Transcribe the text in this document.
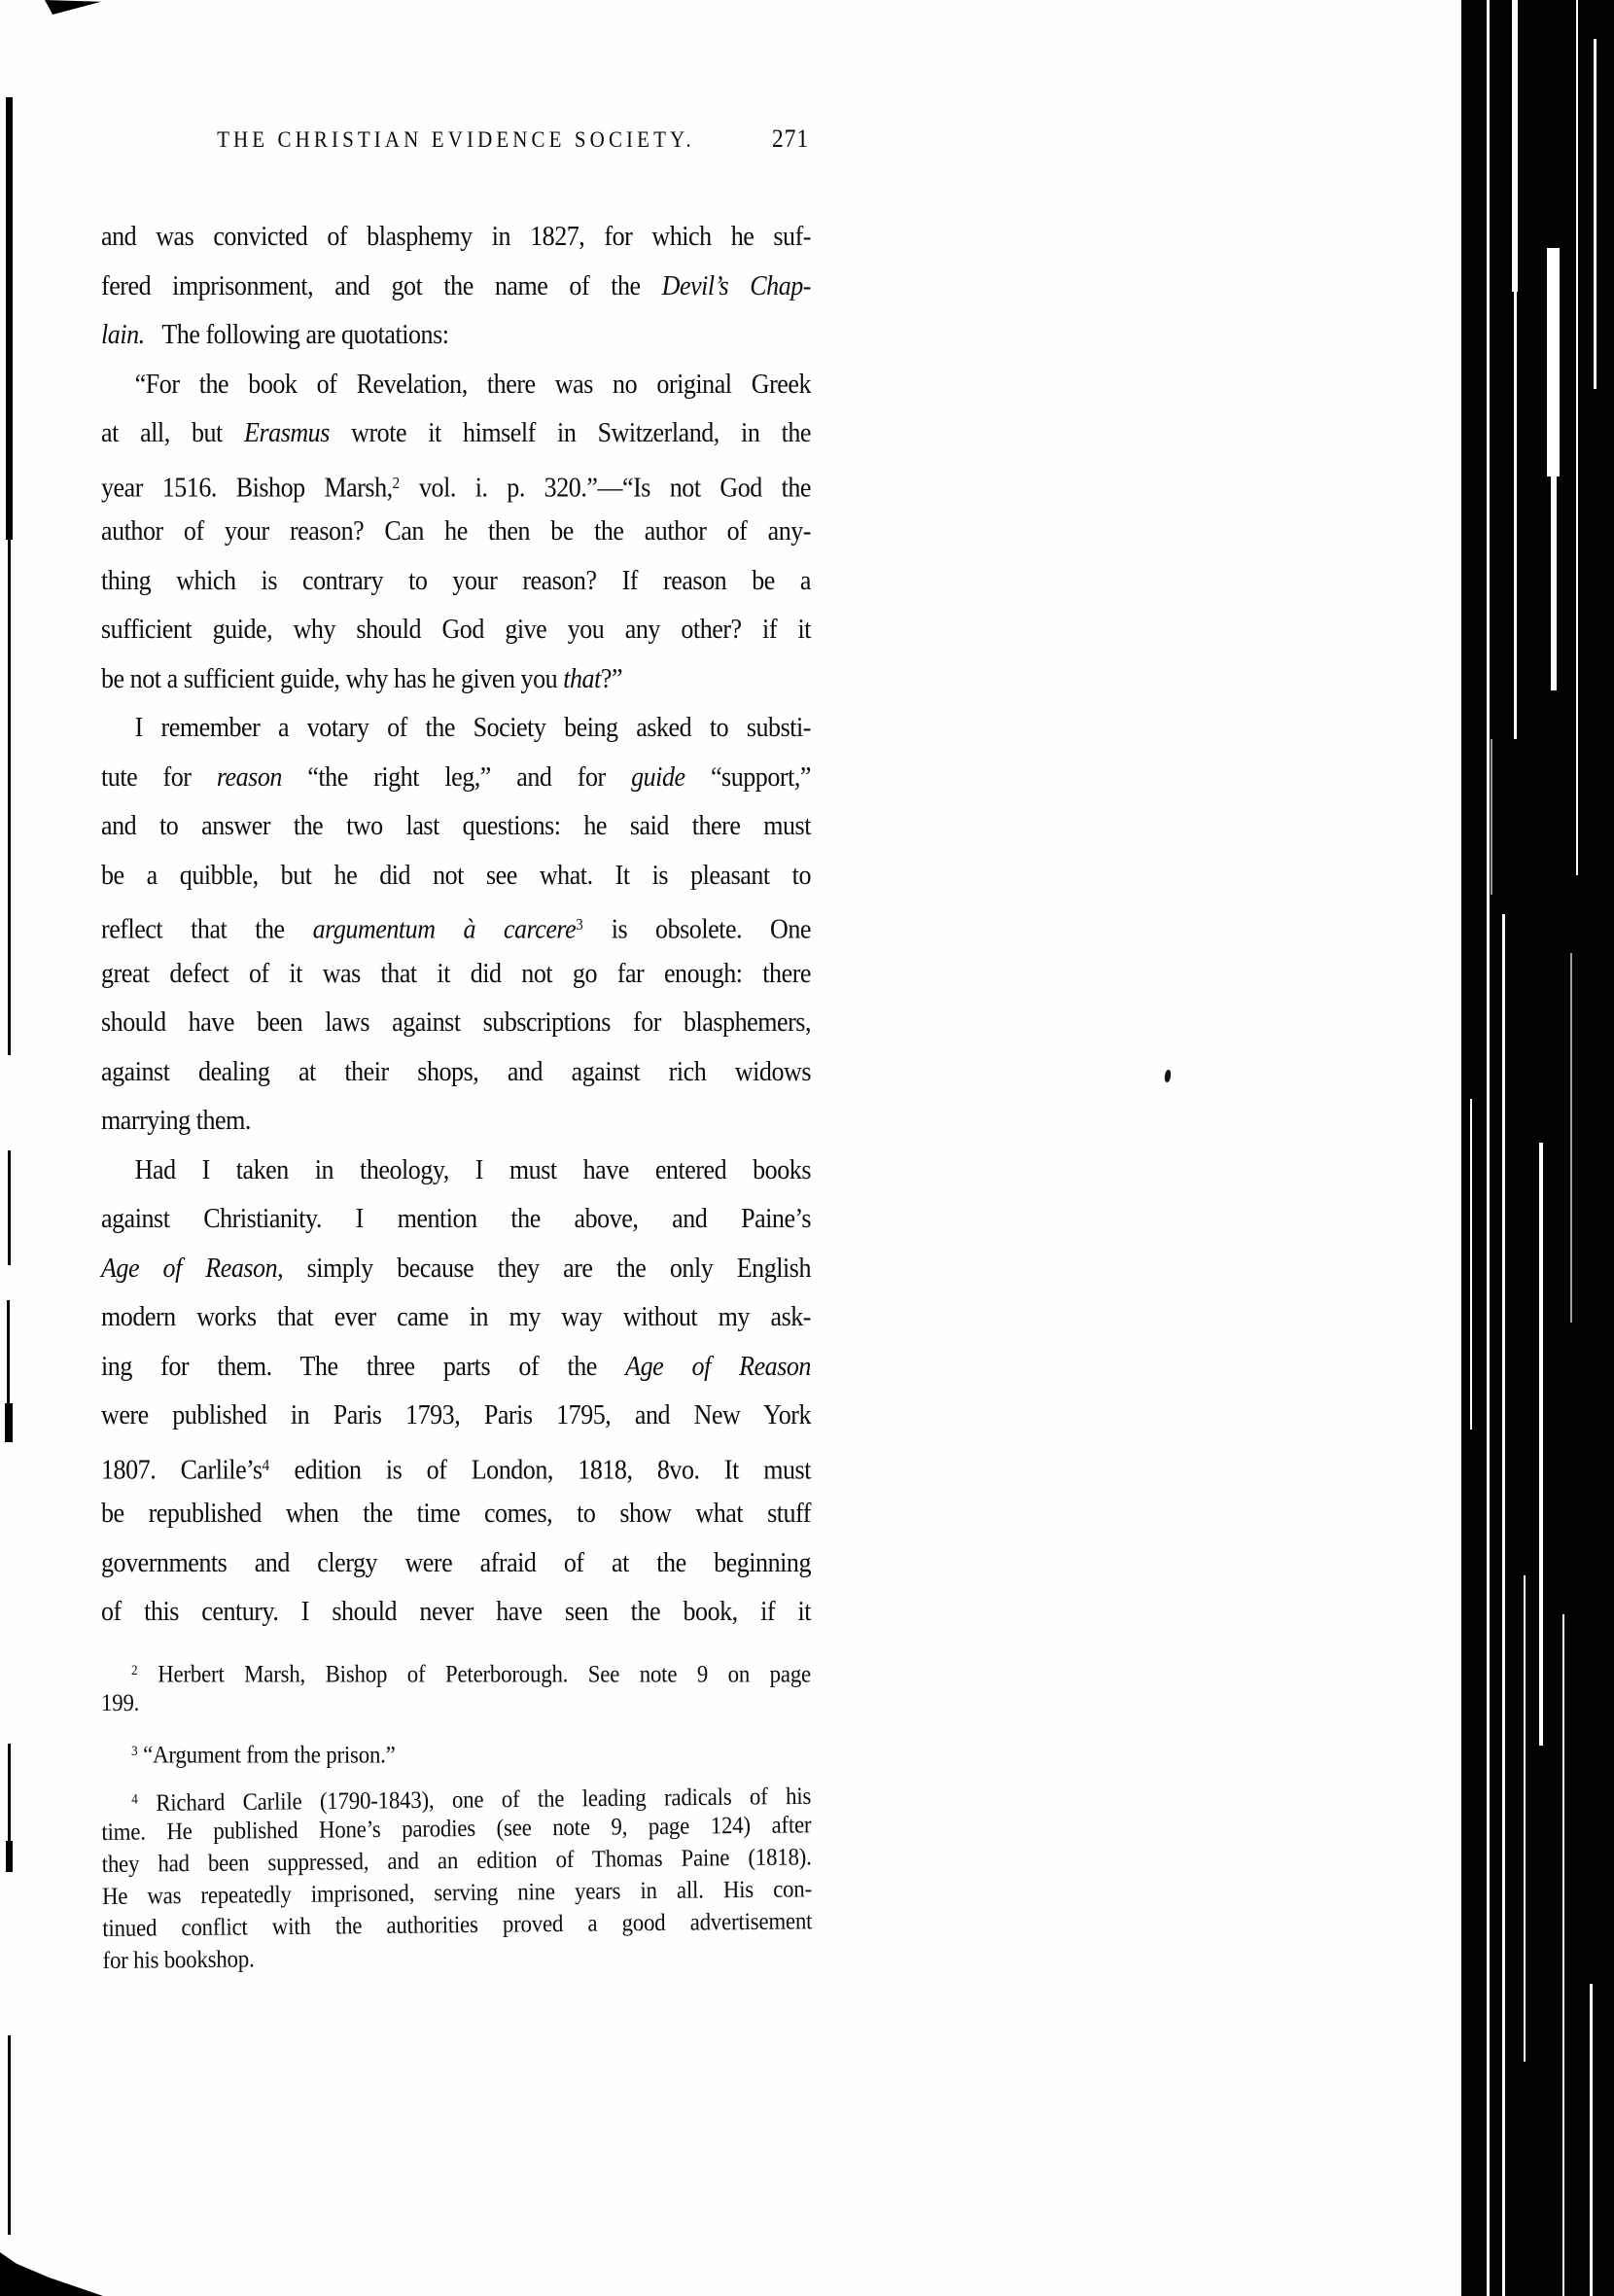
THE CHRISTIAN EVIDENCE SOCIETY.	271
and was convicted of blasphemy in 1827, for which he suf-
fered imprisonment, and got the name of the Devil’s Chap-
lain.   The following are quotations:
“For the book of Revelation, there was no original Greek
at all, but Erasmus wrote it himself in Switzerland, in the
year 1516. Bishop Marsh,$^2$ vol. i. p. 320.”—“Is not God the
author of your reason? Can he then be the author of any-
thing which is contrary to your reason? If reason be a
sufficient guide, why should God give you any other? if it
be not a sufficient guide, why has he given you that?”
I remember a votary of the Society being asked to substi-
tute for reason “the right leg,” and for guide “support,”
and to answer the two last questions: he said there must
be a quibble, but he did not see what. It is pleasant to
reflect that the argumentum à carcere$^3$ is obsolete. One
great defect of it was that it did not go far enough: there
should have been laws against subscriptions for blasphemers,
against dealing at their shops, and against rich widows
marrying them.
Had I taken in theology, I must have entered books
against Christianity. I mention the above, and Paine’s
Age of Reason, simply because they are the only English
modern works that ever came in my way without my ask-
ing for them. The three parts of the Age of Reason
were published in Paris 1793, Paris 1795, and New York
1807. $Carlile’s^4$ edition is of London, 1818, 8vo. It must
be republished when the time comes, to show what stuff
governments and clergy were afraid of at the beginning
of this century. I should never have seen the book, if it
$^2$ Herbert Marsh, Bishop of Peterborough. See note 9 on page
199.
$^3$ “Argument from the prison.”
$^4$ Richard Carlile (1790-1843), one of the leading radicals of his
time. He published Hone’s parodies (see note 9, page 124) after
they had been suppressed, and an edition of Thomas Paine (1818).
He was repeatedly imprisoned, serving nine years in all. His con-
tinued conflict with the authorities proved a good advertisement
for his bookshop.
